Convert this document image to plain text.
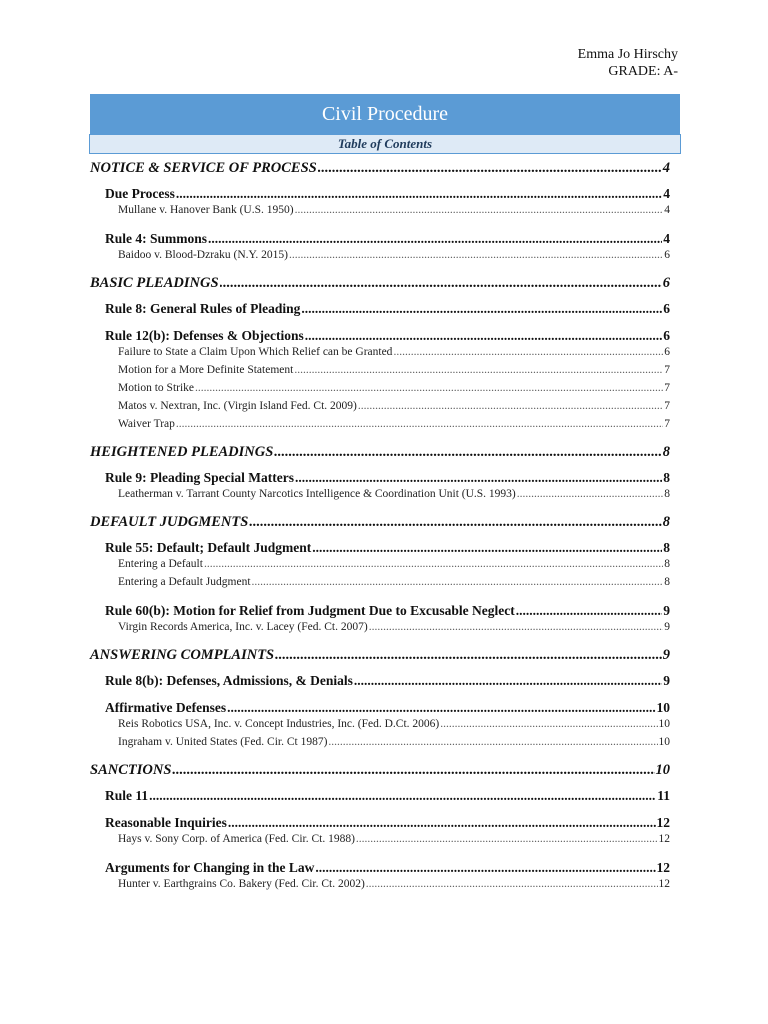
Emma Jo Hirschy
GRADE: A-
Civil Procedure
Table of Contents
NOTICE & SERVICE OF PROCESS .....	4
Due Process .....	4
Mullane v. Hanover Bank (U.S. 1950) .....	4
Rule 4: Summons .....	4
Baidoo v. Blood-Dzraku (N.Y. 2015) .....	6
BASIC PLEADINGS .....	6
Rule 8: General Rules of Pleading .....	6
Rule 12(b): Defenses & Objections .....	6
Failure to State a Claim Upon Which Relief can be Granted .....	6
Motion for a More Definite Statement .....	7
Motion to Strike .....	7
Matos v. Nextran, Inc. (Virgin Island Fed. Ct. 2009) .....	7
Waiver Trap .....	7
HEIGHTENED PLEADINGS .....	8
Rule 9: Pleading Special Matters .....	8
Leatherman v. Tarrant County Narcotics Intelligence & Coordination Unit (U.S. 1993) .....	8
DEFAULT JUDGMENTS .....	8
Rule 55: Default; Default Judgment .....	8
Entering a Default .....	8
Entering a Default Judgment .....	8
Rule 60(b): Motion for Relief from Judgment Due to Excusable Neglect .....	9
Virgin Records America, Inc. v. Lacey (Fed. Ct. 2007) .....	9
ANSWERING COMPLAINTS .....	9
Rule 8(b): Defenses, Admissions, & Denials .....	9
Affirmative Defenses .....	10
Reis Robotics USA, Inc. v. Concept Industries, Inc. (Fed. D.Ct. 2006) .....	10
Ingraham v. United States (Fed. Cir. Ct 1987) .....	10
SANCTIONS .....	10
Rule 11 .....	11
Reasonable Inquiries .....	12
Hays v. Sony Corp. of America (Fed. Cir. Ct. 1988) .....	12
Arguments for Changing in the Law .....	12
Hunter v. Earthgrains Co. Bakery (Fed. Cir. Ct. 2002) .....	12
